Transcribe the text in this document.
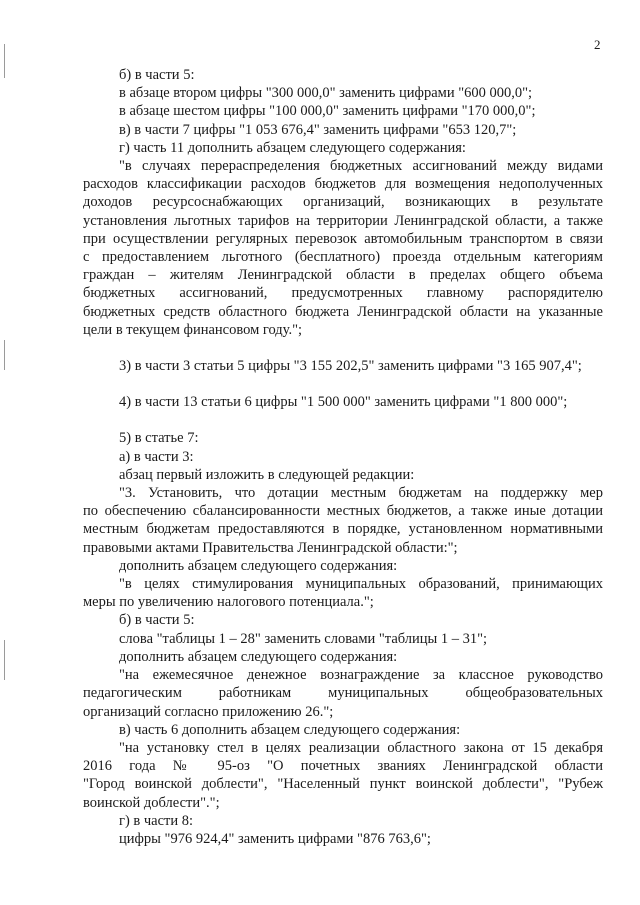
2
б) в части 5:
в абзаце втором цифры "300 000,0" заменить цифрами "600 000,0";
в абзаце шестом цифры "100 000,0" заменить цифрами "170 000,0";
в) в части 7 цифры "1 053 676,4" заменить цифрами "653 120,7";
г) часть 11 дополнить абзацем следующего содержания:
"в случаях перераспределения бюджетных ассигнований между видами
расходов классификации расходов бюджетов для возмещения недополученных
доходов ресурсоснабжающих организаций, возникающих в результате
установления льготных тарифов на территории Ленинградской области, а также
при осуществлении регулярных перевозок автомобильным транспортом в связи
с предоставлением льготного (бесплатного) проезда отдельным категориям
граждан – жителям Ленинградской области в пределах общего объема
бюджетных ассигнований, предусмотренных главному распорядителю
бюджетных средств областного бюджета Ленинградской области на указанные
цели в текущем финансовом году.";
3) в части 3 статьи 5 цифры "3 155 202,5" заменить цифрами "3 165 907,4";
4) в части 13 статьи 6 цифры "1 500 000" заменить цифрами "1 800 000";
5) в статье 7:
а) в части 3:
абзац первый изложить в следующей редакции:
"3. Установить, что дотации местным бюджетам на поддержку мер
по обеспечению сбалансированности местных бюджетов, а также иные дотации
местным бюджетам предоставляются в порядке, установленном нормативными
правовыми актами Правительства Ленинградской области:";
дополнить абзацем следующего содержания:
"в целях стимулирования муниципальных образований, принимающих
меры по увеличению налогового потенциала.";
б) в части 5:
слова "таблицы 1 – 28" заменить словами "таблицы 1 – 31";
дополнить абзацем следующего содержания:
"на ежемесячное денежное вознаграждение за классное руководство
педагогическим работникам муниципальных общеобразовательных
организаций согласно приложению 26.";
в) часть 6 дополнить абзацем следующего содержания:
"на установку стел в целях реализации областного закона от 15 декабря
2016 года № 95-оз "О почетных званиях Ленинградской области
"Город воинской доблести", "Населенный пункт воинской доблести", "Рубеж
воинской доблести".";
г) в части 8:
цифры "976 924,4" заменить цифрами "876 763,6";
